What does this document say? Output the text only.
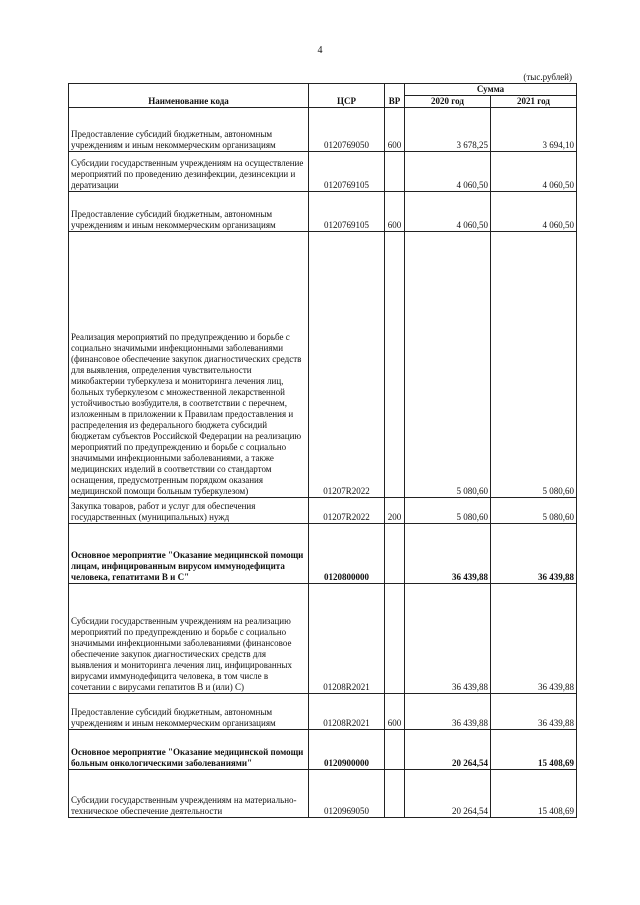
4
(тыс.рублей)
Наименование кода	ЦСР	ВР	Сумма	
			2020 год	2021 год
Предоставление субсидий бюджетным, автономным учреждениям и иным некоммерческим организациям	0120769050	600	3 678,25	3 694,10
Субсидии государственным учреждениям на осуществление мероприятий по проведению дезинфекции, дезинсекции и дератизации	0120769105		4 060,50	4 060,50
Предоставление субсидий бюджетным, автономным учреждениям и иным некоммерческим организациям	0120769105	600	4 060,50	4 060,50
Реализация мероприятий по предупреждению и борьбе с социально значимыми инфекционными заболеваниями (финансовое обеспечение закупок диагностических средств для выявления, определения чувствительности микобактерии туберкулеза и мониторинга лечения лиц, больных туберкулезом с множественной лекарственной устойчивостью возбудителя, в соответствии с перечнем, изложенным в приложении к Правилам предоставления и распределения из федерального бюджета субсидий бюджетам субъектов Российской Федерации на реализацию мероприятий по предупреждению и борьбе с социально значимыми инфекционными заболеваниями, а также медицинских изделий в соответствии со стандартом оснащения, предусмотренным порядком оказания медицинской помощи больным туберкулезом)	01207R2022		5 080,60	5 080,60
Закупка товаров, работ и услуг для обеспечения государственных (муниципальных) нужд	01207R2022	200	5 080,60	5 080,60
Основное мероприятие "Оказание медицинской помощи лицам, инфицированным вирусом иммунодефицита человека, гепатитами В и С"	0120800000		36 439,88	36 439,88
Субсидии государственным учреждениям на реализацию мероприятий по предупреждению и борьбе с социально значимыми инфекционными заболеваниями (финансовое обеспечение закупок диагностических средств для выявления и мониторинга лечения лиц, инфицированных вирусами иммунодефицита человека, в том числе в сочетании с вирусами гепатитов В и (или) С)	01208R2021		36 439,88	36 439,88
Предоставление субсидий бюджетным, автономным учреждениям и иным некоммерческим организациям	01208R2021	600	36 439,88	36 439,88
Основное мероприятие "Оказание медицинской помощи больным онкологическими заболеваниями"	0120900000		20 264,54	15 408,69
Субсидии государственным учреждениям на материально-техническое обеспечение деятельности	0120969050		20 264,54	15 408,69
